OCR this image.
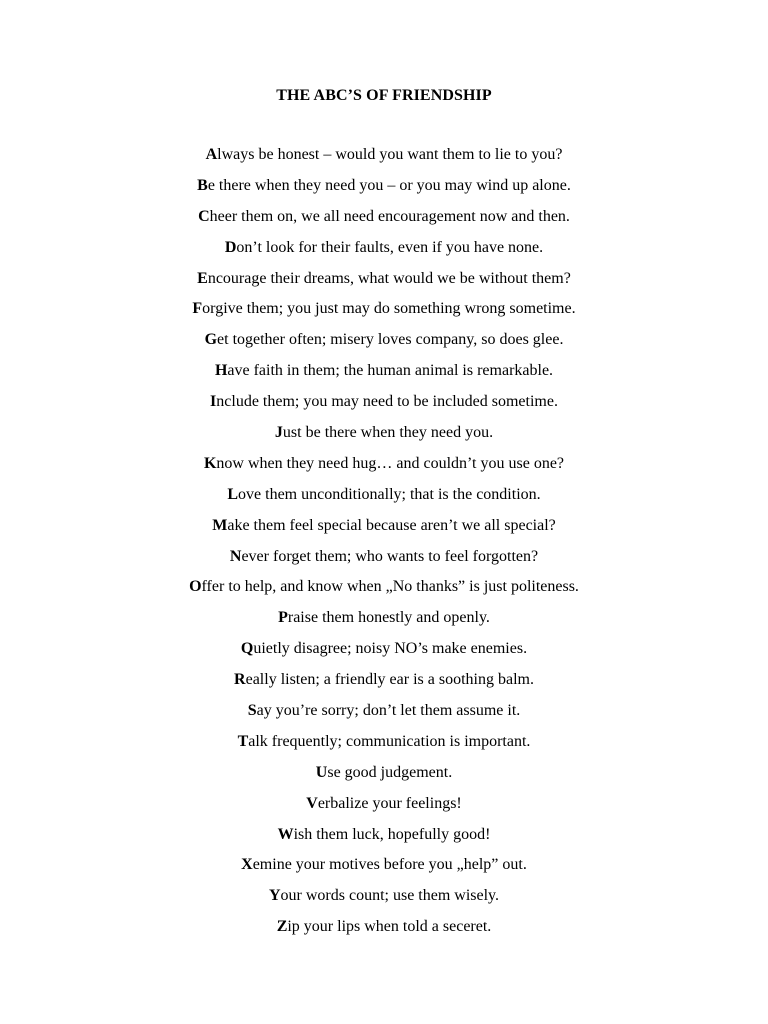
THE ABC’S OF FRIENDSHIP
Always be honest – would you want them to lie to you?
Be there when they need you – or you may wind up alone.
Cheer them on, we all need encouragement now and then.
Don’t look for their faults, even if you have none.
Encourage their dreams, what would we be without them?
Forgive them; you just may do something wrong sometime.
Get together often; misery loves company, so does glee.
Have faith in them; the human animal is remarkable.
Include them; you may need to be included sometime.
Just be there when they need you.
Know when they need hug… and couldn’t you use one?
Love them unconditionally; that is the condition.
Make them feel special because aren’t we all special?
Never forget them; who wants to feel forgotten?
Offer to help, and know when „No thanks” is just politeness.
Praise them honestly and openly.
Quietly disagree; noisy NO’s make enemies.
Really listen; a friendly ear is a soothing balm.
Say you’re sorry; don’t let them assume it.
Talk frequently; communication is important.
Use good judgement.
Verbalize your feelings!
Wish them luck, hopefully good!
Xemine your motives before you „help” out.
Your words count; use them wisely.
Zip your lips when told a seceret.
